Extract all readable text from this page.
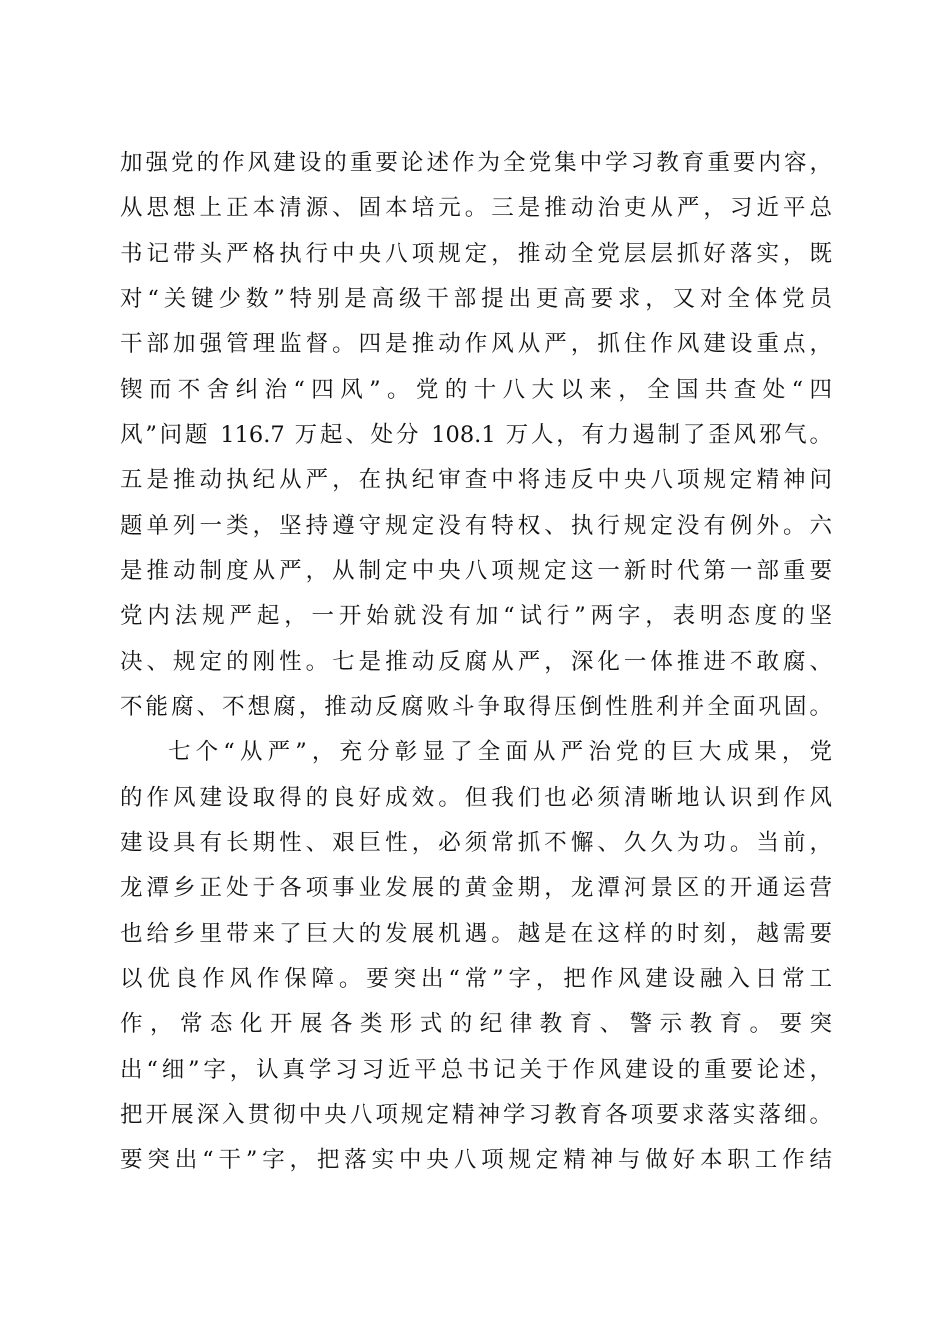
加强党的作风建设的重要论述作为全党集中学习教育重要内容，
从思想上正本清源、固本培元。三是推动治吏从严，习近平总
书记带头严格执行中央八项规定，推动全党层层抓好落实，既
对“关键少数”特别是高级干部提出更高要求，又对全体党员
干部加强管理监督。四是推动作风从严，抓住作风建设重点，
锲而不舍纠治“四风”。党的十八大以来，全国共查处“四
风”问题 116.7 万起、处分 108.1 万人，有力遏制了歪风邪气。
五是推动执纪从严，在执纪审查中将违反中央八项规定精神问
题单列一类，坚持遵守规定没有特权、执行规定没有例外。六
是推动制度从严，从制定中央八项规定这一新时代第一部重要
党内法规严起，一开始就没有加“试行”两字，表明态度的坚
决、规定的刚性。七是推动反腐从严，深化一体推进不敢腐、
不能腐、不想腐，推动反腐败斗争取得压倒性胜利并全面巩固。
七个“从严”，充分彰显了全面从严治党的巨大成果，党
的作风建设取得的良好成效。但我们也必须清晰地认识到作风
建设具有长期性、艰巨性，必须常抓不懈、久久为功。当前，
龙潭乡正处于各项事业发展的黄金期，龙潭河景区的开通运营
也给乡里带来了巨大的发展机遇。越是在这样的时刻，越需要
以优良作风作保障。要突出“常”字，把作风建设融入日常工
作，常态化开展各类形式的纪律教育、警示教育。要突
出“细”字，认真学习习近平总书记关于作风建设的重要论述，
把开展深入贯彻中央八项规定精神学习教育各项要求落实落细。
要突出“干”字，把落实中央八项规定精神与做好本职工作结
